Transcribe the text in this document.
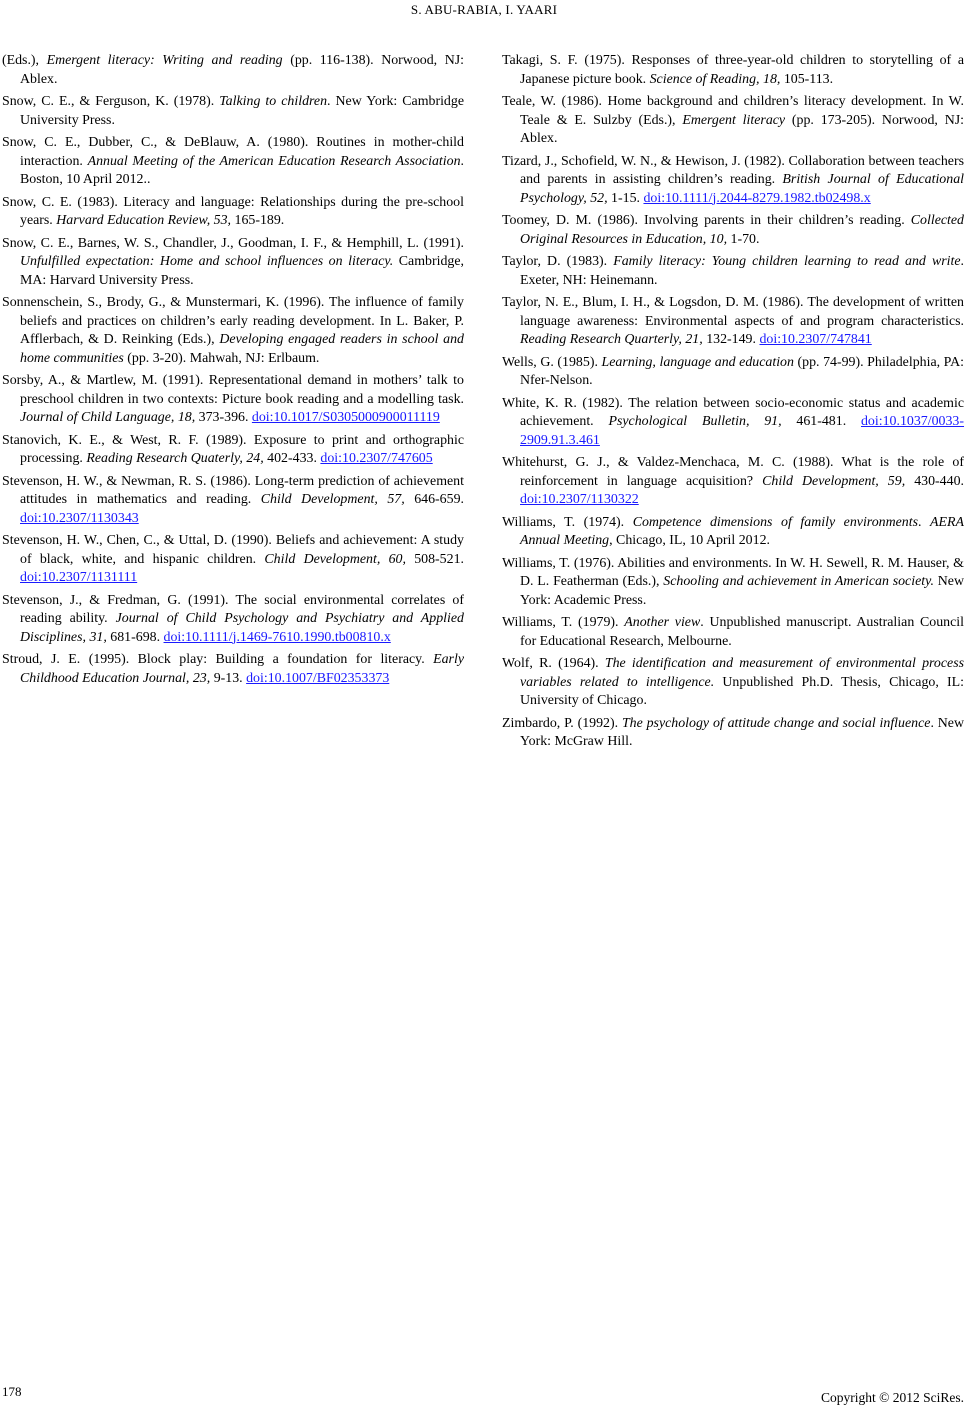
S. ABU-RABIA, I. YAARI

(Eds.), Emergent literacy: Writing and reading (pp. 116-138). Norwood, NJ: Ablex.

Snow, C. E., & Ferguson, K. (1978). Talking to children. New York: Cambridge University Press.

Snow, C. E., Dubber, C., & DeBlauw, A. (1980). Routines in mother-child interaction. Annual Meeting of the American Education Research Association. Boston, 10 April 2012..

Snow, C. E. (1983). Literacy and language: Relationships during the pre-school years. Harvard Education Review, 53, 165-189.

Snow, C. E., Barnes, W. S., Chandler, J., Goodman, I. F., & Hemphill, L. (1991). Unfulfilled expectation: Home and school influences on literacy. Cambridge, MA: Harvard University Press.

Sonnenschein, S., Brody, G., & Munstermari, K. (1996). The influence of family beliefs and practices on children’s early reading development. In L. Baker, P. Afflerbach, & D. Reinking (Eds.), Developing engaged readers in school and home communities (pp. 3-20). Mahwah, NJ: Erlbaum.

Sorsby, A., & Martlew, M. (1991). Representational demand in mothers’ talk to preschool children in two contexts: Picture book reading and a modelling task. Journal of Child Language, 18, 373-396. doi:10.1017/S0305000900011119

Stanovich, K. E., & West, R. F. (1989). Exposure to print and orthographic processing. Reading Research Quaterly, 24, 402-433. doi:10.2307/747605

Stevenson, H. W., & Newman, R. S. (1986). Long-term prediction of achievement attitudes in mathematics and reading. Child Development, 57, 646-659. doi:10.2307/1130343

Stevenson, H. W., Chen, C., & Uttal, D. (1990). Beliefs and achievement: A study of black, white, and hispanic children. Child Development, 60, 508-521. doi:10.2307/1131111

Stevenson, J., & Fredman, G. (1991). The social environmental correlates of reading ability. Journal of Child Psychology and Psychiatry and Applied Disciplines, 31, 681-698. doi:10.1111/j.1469-7610.1990.tb00810.x

Stroud, J. E. (1995). Block play: Building a foundation for literacy. Early Childhood Education Journal, 23, 9-13. doi:10.1007/BF02353373

Takagi, S. F. (1975). Responses of three-year-old children to storytelling of a Japanese picture book. Science of Reading, 18, 105-113.

Teale, W. (1986). Home background and children’s literacy development. In W. Teale & E. Sulzby (Eds.), Emergent literacy (pp. 173-205). Norwood, NJ: Ablex.

Tizard, J., Schofield, W. N., & Hewison, J. (1982). Collaboration between teachers and parents in assisting children’s reading. British Journal of Educational Psychology, 52, 1-15. doi:10.1111/j.2044-8279.1982.tb02498.x

Toomey, D. M. (1986). Involving parents in their children’s reading. Collected Original Resources in Education, 10, 1-70.

Taylor, D. (1983). Family literacy: Young children learning to read and write. Exeter, NH: Heinemann.

Taylor, N. E., Blum, I. H., & Logsdon, D. M. (1986). The development of written language awareness: Environmental aspects of and program characteristics. Reading Research Quarterly, 21, 132-149. doi:10.2307/747841

Wells, G. (1985). Learning, language and education (pp. 74-99). Philadelphia, PA: Nfer-Nelson.

White, K. R. (1982). The relation between socio-economic status and academic achievement. Psychological Bulletin, 91, 461-481. doi:10.1037/0033-2909.91.3.461

Whitehurst, G. J., & Valdez-Menchaca, M. C. (1988). What is the role of reinforcement in language acquisition? Child Development, 59, 430-440. doi:10.2307/1130322

Williams, T. (1974). Competence dimensions of family environments. AERA Annual Meeting, Chicago, IL, 10 April 2012.

Williams, T. (1976). Abilities and environments. In W. H. Sewell, R. M. Hauser, & D. L. Featherman (Eds.), Schooling and achievement in American society. New York: Academic Press.

Williams, T. (1979). Another view. Unpublished manuscript. Australian Council for Educational Research, Melbourne.

Wolf, R. (1964). The identification and measurement of environmental process variables related to intelligence. Unpublished Ph.D. Thesis, Chicago, IL: University of Chicago.

Zimbardo, P. (1992). The psychology of attitude change and social influence. New York: McGraw Hill.

178	Copyright © 2012 SciRes.
